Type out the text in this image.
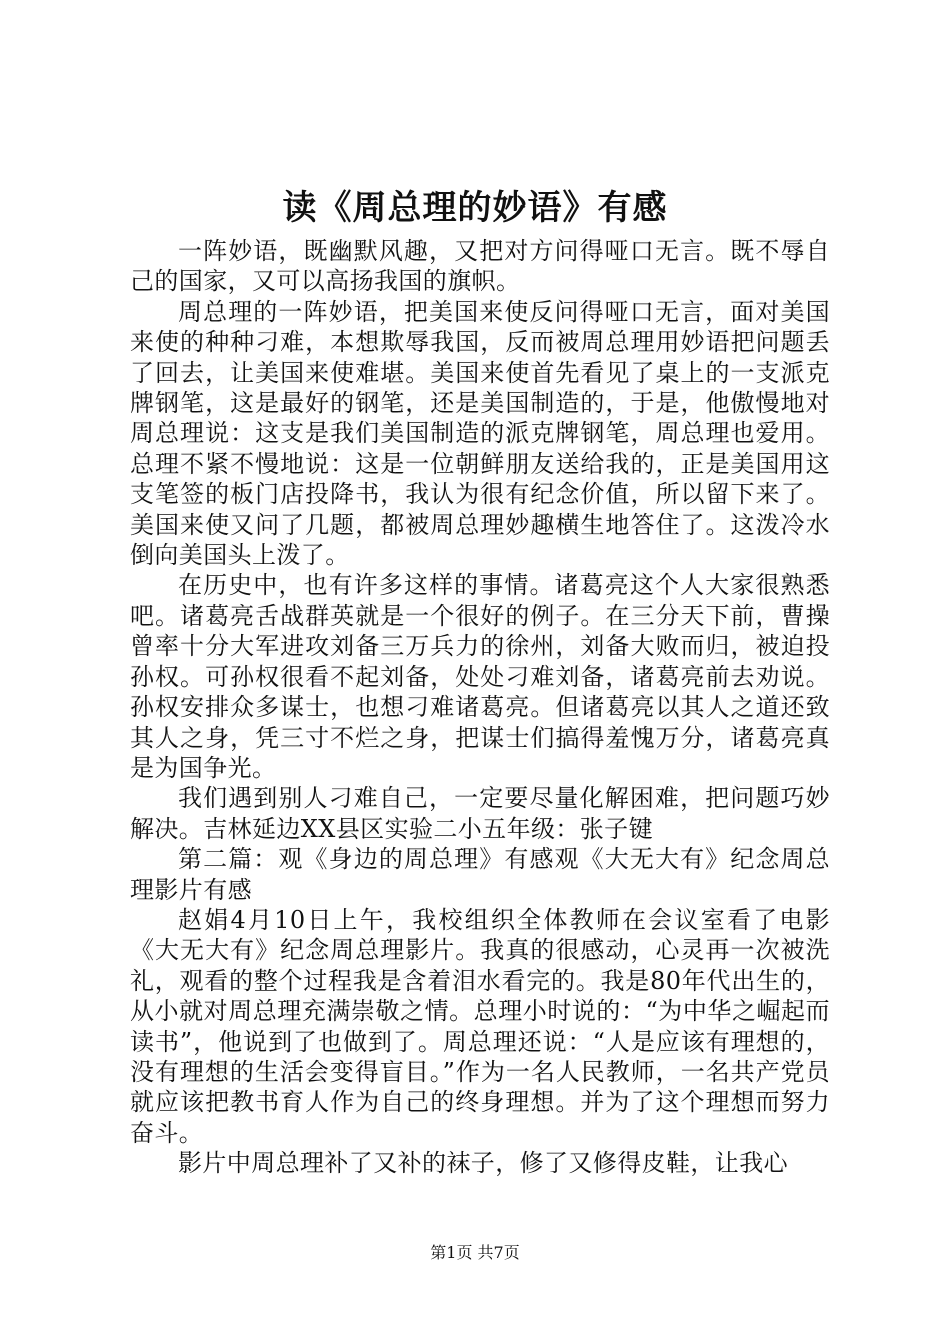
读《周总理的妙语》有感

一阵妙语，既幽默风趣，又把对方问得哑口无言。既不辱自己的国家，又可以高扬我国的旗帜。

周总理的一阵妙语，把美国来使反问得哑口无言，面对美国来使的种种刁难，本想欺辱我国，反而被周总理用妙语把问题丢了回去，让美国来使难堪。美国来使首先看见了桌上的一支派克牌钢笔，这是最好的钢笔，还是美国制造的，于是，他傲慢地对周总理说：这支是我们美国制造的派克牌钢笔，周总理也爱用。总理不紧不慢地说：这是一位朝鲜朋友送给我的，正是美国用这支笔签的板门店投降书，我认为很有纪念价值，所以留下来了。美国来使又问了几题，都被周总理妙趣横生地答住了。这泼冷水倒向美国头上泼了。

在历史中，也有许多这样的事情。诸葛亮这个人大家很熟悉吧。诸葛亮舌战群英就是一个很好的例子。在三分天下前，曹操曾率十分大军进攻刘备三万兵力的徐州，刘备大败而归，被迫投孙权。可孙权很看不起刘备，处处刁难刘备，诸葛亮前去劝说。孙权安排众多谋士，也想刁难诸葛亮。但诸葛亮以其人之道还致其人之身，凭三寸不烂之身，把谋士们搞得羞愧万分，诸葛亮真是为国争光。

我们遇到别人刁难自己，一定要尽量化解困难，把问题巧妙解决。吉林延边XX县区实验二小五年级：张子键

第二篇：观《身边的周总理》有感观《大无大有》纪念周总理影片有感

赵娟4月10日上午，我校组织全体教师在会议室看了电影《大无大有》纪念周总理影片。我真的很感动，心灵再一次被洗礼，观看的整个过程我是含着泪水看完的。我是80年代出生的，从小就对周总理充满崇敬之情。总理小时说的：“为中华之崛起而读书”，他说到了也做到了。周总理还说：“人是应该有理想的，没有理想的生活会变得盲目。”作为一名人民教师，一名共产党员就应该把教书育人作为自己的终身理想。并为了这个理想而努力奋斗。

影片中周总理补了又补的袜子，修了又修得皮鞋，让我心

第1页 共7页
